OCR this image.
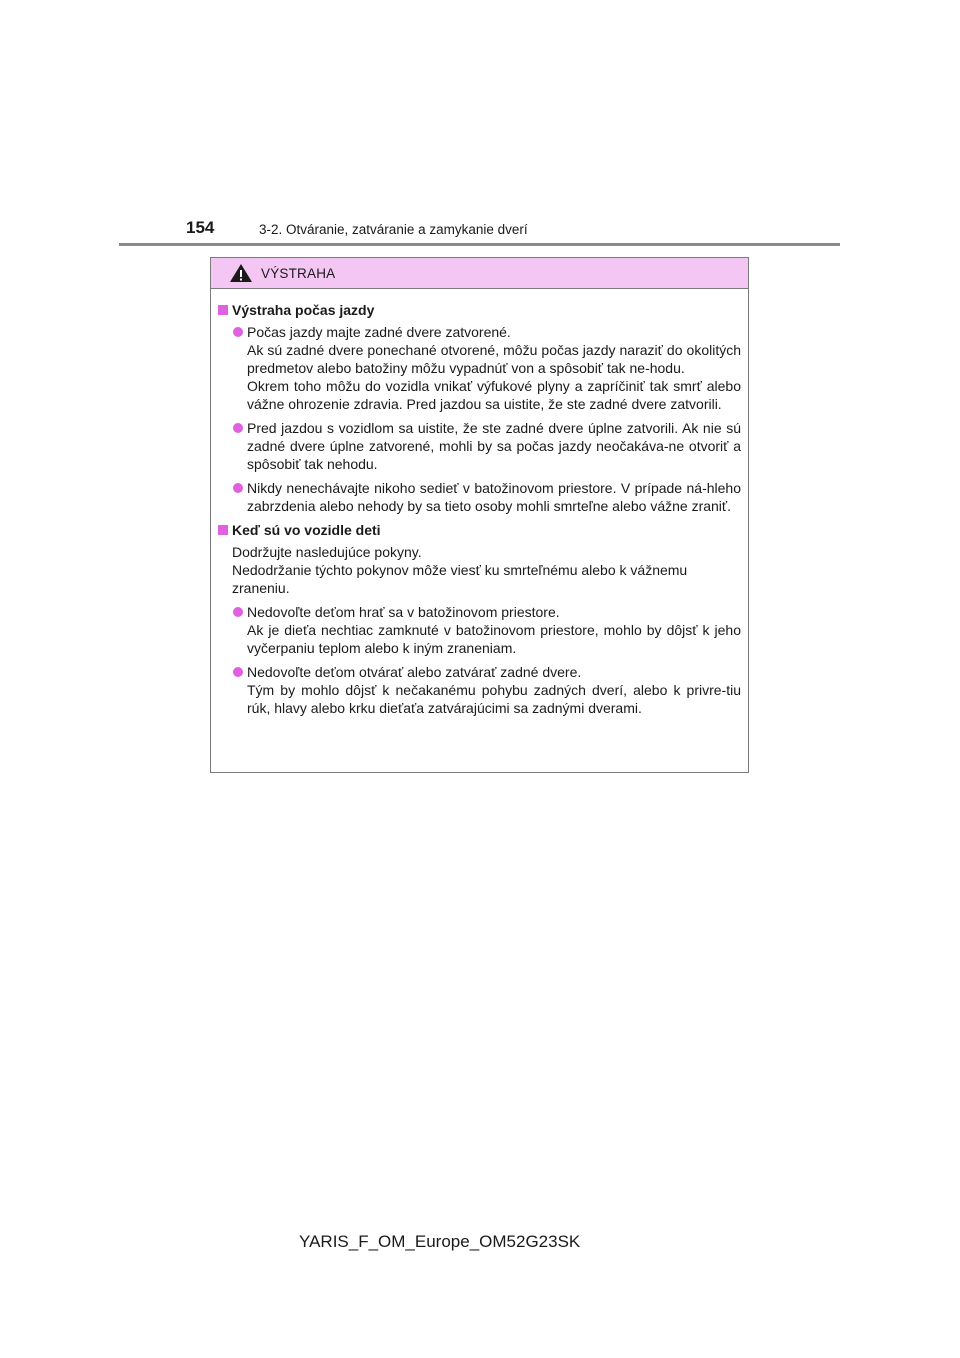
154	3-2. Otváranie, zatváranie a zamykanie dverí
VÝSTRAHA
Výstraha počas jazdy

Počas jazdy majte zadné dvere zatvorené.

Ak sú zadné dvere ponechané otvorené, môžu počas jazdy naraziť do okolitých predmetov alebo batožiny môžu vypadnúť von a spôsobiť tak ne-hodu.

Okrem toho môžu do vozidla vnikať výfukové plyny a zapríčiniť tak smrť alebo vážne ohrozenie zdravia. Pred jazdou sa uistite, že ste zadné dvere zatvorili.

Pred jazdou s vozidlom sa uistite, že ste zadné dvere úplne zatvorili. Ak nie sú zadné dvere úplne zatvorené, mohli by sa počas jazdy neočakáva-ne otvoriť a spôsobiť tak nehodu.

Nikdy nenechávajte nikoho sedieť v batožinovom priestore. V prípade ná-hleho zabrzdenia alebo nehody by sa tieto osoby mohli smrteľne alebo vážne zraniť.

Keď sú vo vozidle deti

Dodržujte nasledujúce pokyny.

Nedodržanie týchto pokynov môže viesť ku smrteľnému alebo k vážnemu zraneniu.

Nedovoľte deťom hrať sa v batožinovom priestore.

Ak je dieťa nechtiac zamknuté v batožinovom priestore, mohlo by dôjsť k jeho vyčerpaniu teplom alebo k iným zraneniam.

Nedovoľte deťom otvárať alebo zatvárať zadné dvere.

Tým by mohlo dôjsť k nečakanému pohybu zadných dverí, alebo k privre-tiu rúk, hlavy alebo krku dieťaťa zatvárajúcimi sa zadnými dverami.

YARIS_F_OM_Europe_OM52G23SK
